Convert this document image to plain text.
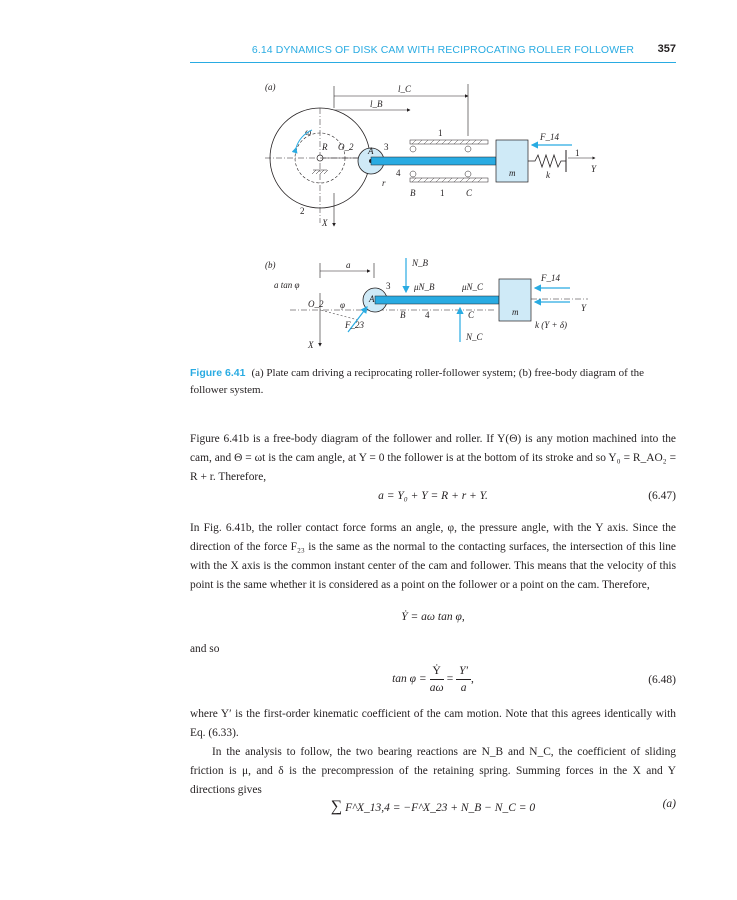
6.14 DYNAMICS OF DISK CAM WITH RECIPROCATING ROLLER FOLLOWER 357
(a)	l_C
l_B
ω
R O_2 A
r
3
4
1
B	1 C
m	k
1
F_14
Y
X
2
(b)
a tan φ
a
O_2
X
A
3
φ
F_23
N_B
μN_B	μN_C
B 4	C
N_C
m
F_14
Y
k (Y + δ)
Figure 6.41 (a) Plate cam driving a reciprocating roller-follower system; (b) free-body diagram of the follower system.
Figure 6.41b is a free-body diagram of the follower and roller. If Y(Θ) is any motion machined into the cam, and Θ = ωt is the cam angle, at Y = 0 the follower is at the bottom of its stroke and so Y₀ = R_AO₂ = R + r. Therefore,
a = Y₀ + Y = R + r + Y.	(6.47)
In Fig. 6.41b, the roller contact force forms an angle, φ, the pressure angle, with the Y axis. Since the direction of the force F₂₃ is the same as the normal to the contacting surfaces, the intersection of this line with the X axis is the common instant center of the cam and follower. This means that the velocity of this point is the same whether it is considered as a point on the follower or a point on the cam. Therefore,
Ẏ = aω tan φ,
and so
$\tan \varphi = \frac{\text{Ẏ}}{a\omega} = \frac{Y'}{a}$ ,	(6.48)
where Y′ is the first-order kinematic coefficient of the cam motion. Note that this agrees identically with Eq. (6.33).
In the analysis to follow, the two bearing reactions are N_B and N_C, the coefficient of sliding friction is μ, and δ is the precompression of the retaining spring. Summing forces in the X and Y directions gives
∑ F^X_13,4 = −F^X_23 + N_B − N_C = 0	(a)
